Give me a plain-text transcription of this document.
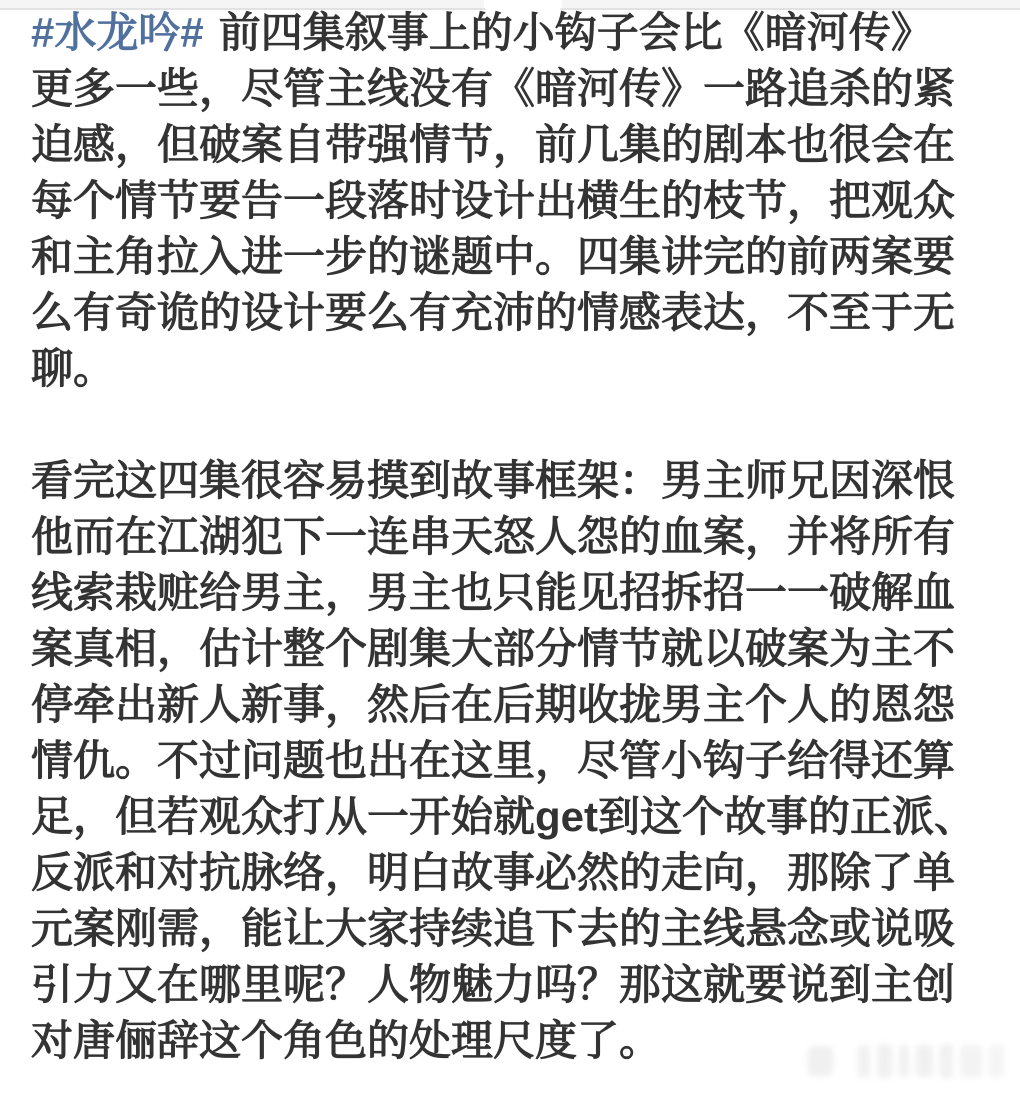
#水龙吟# 前四集叙事上的小钩子会比《暗河传》
更多一些，尽管主线没有《暗河传》一路追杀的紧
迫感，但破案自带强情节，前几集的剧本也很会在
每个情节要告一段落时设计出横生的枝节，把观众
和主角拉入进一步的谜题中。四集讲完的前两案要
么有奇诡的设计要么有充沛的情感表达，不至于无
聊。

看完这四集很容易摸到故事框架：男主师兄因深恨
他而在江湖犯下一连串天怒人怨的血案，并将所有
线索栽赃给男主，男主也只能见招拆招一一破解血
案真相，估计整个剧集大部分情节就以破案为主不
停牵出新人新事，然后在后期收拢男主个人的恩怨
情仇。不过问题也出在这里，尽管小钩子给得还算
足，但若观众打从一开始就get到这个故事的正派、
反派和对抗脉络，明白故事必然的走向，那除了单
元案刚需，能让大家持续追下去的主线悬念或说吸
引力又在哪里呢？人物魅力吗？那这就要说到主创
对唐俪辞这个角色的处理尺度了。
